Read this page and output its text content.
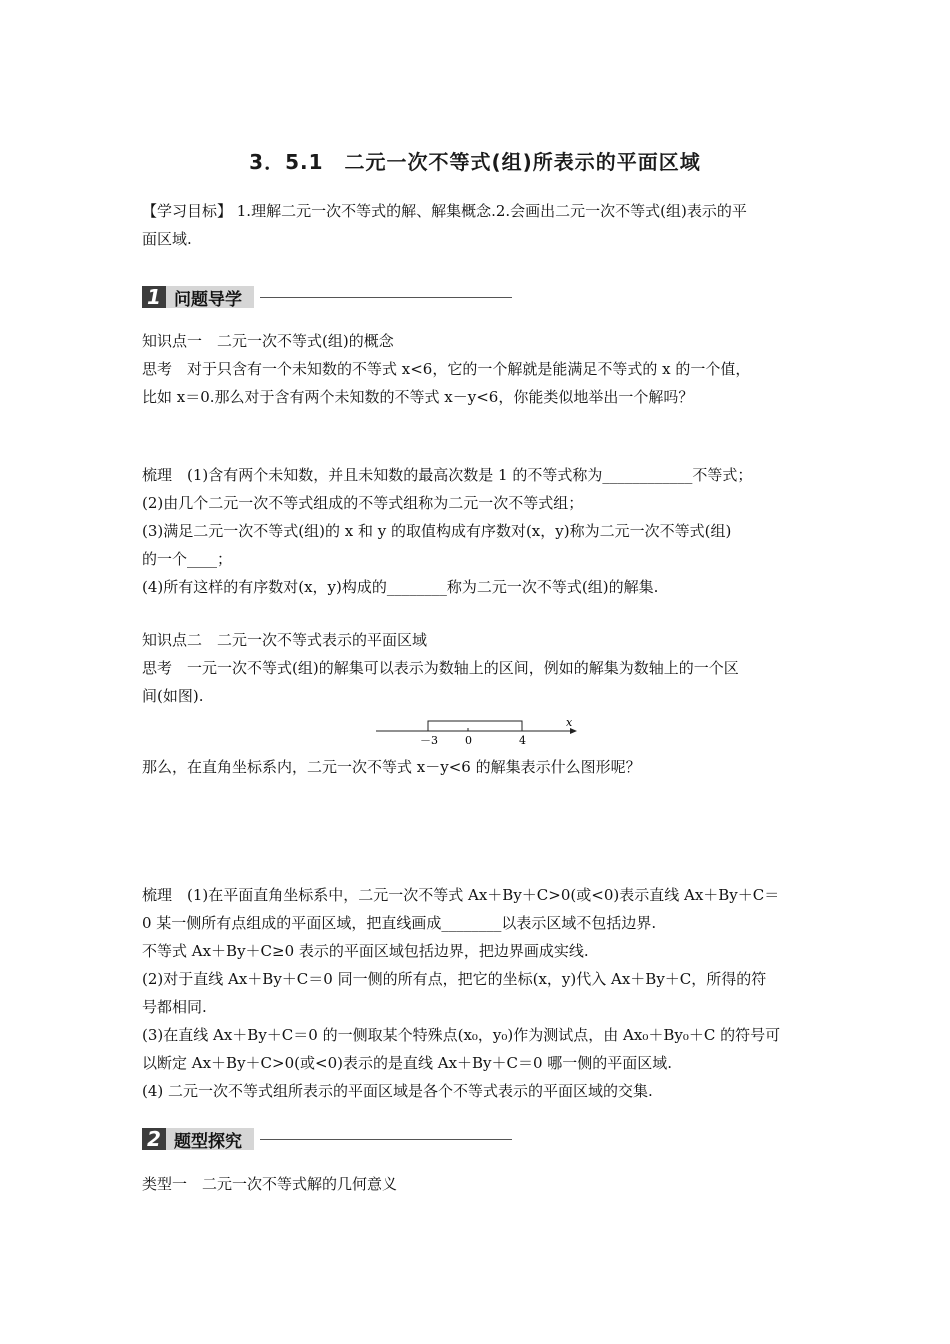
3．5.1　二元一次不等式(组)所表示的平面区域
【学习目标】 1.理解二元一次不等式的解、解集概念.2.会画出二元一次不等式(组)表示的平
面区域.
1 问题导学
知识点一　二元一次不等式(组)的概念
思考　对于只含有一个未知数的不等式 x<6，它的一个解就是能满足不等式的 x 的一个值，
比如 x＝0.那么对于含有两个未知数的不等式 x－y<6，你能类似地举出一个解吗？
梳理　(1)含有两个未知数，并且未知数的最高次数是 1 的不等式称为____________不等式；
(2)由几个二元一次不等式组成的不等式组称为二元一次不等式组；
(3)满足二元一次不等式(组)的 x 和 y 的取值构成有序数对(x，y)称为二元一次不等式(组)
的一个____；
(4)所有这样的有序数对(x，y)构成的________称为二元一次不等式(组)的解集.
知识点二　二元一次不等式表示的平面区域
思考　一元一次不等式(组)的解集可以表示为数轴上的区间，例如的解集为数轴上的一个区
间(如图).
－3 0	4
x
那么，在直角坐标系内，二元一次不等式 x－y<6 的解集表示什么图形呢？
梳理　(1)在平面直角坐标系中，二元一次不等式 Ax＋By＋C>0(或<0)表示直线 Ax＋By＋C＝
0 某一侧所有点组成的平面区域，把直线画成________以表示区域不包括边界.
不等式 Ax＋By＋C≥0 表示的平面区域包括边界，把边界画成实线.
(2)对于直线 Ax＋By＋C＝0 同一侧的所有点，把它的坐标(x，y)代入 Ax＋By＋C，所得的符
号都相同.
(3)在直线 Ax＋By＋C＝0 的一侧取某个特殊点(x₀，y₀)作为测试点，由 Ax₀＋By₀＋C 的符号可
以断定 Ax＋By＋C>0(或<0)表示的是直线 Ax＋By＋C＝0 哪一侧的平面区域.
(4) 二元一次不等式组所表示的平面区域是各个不等式表示的平面区域的交集.
2 题型探究
类型一　二元一次不等式解的几何意义
